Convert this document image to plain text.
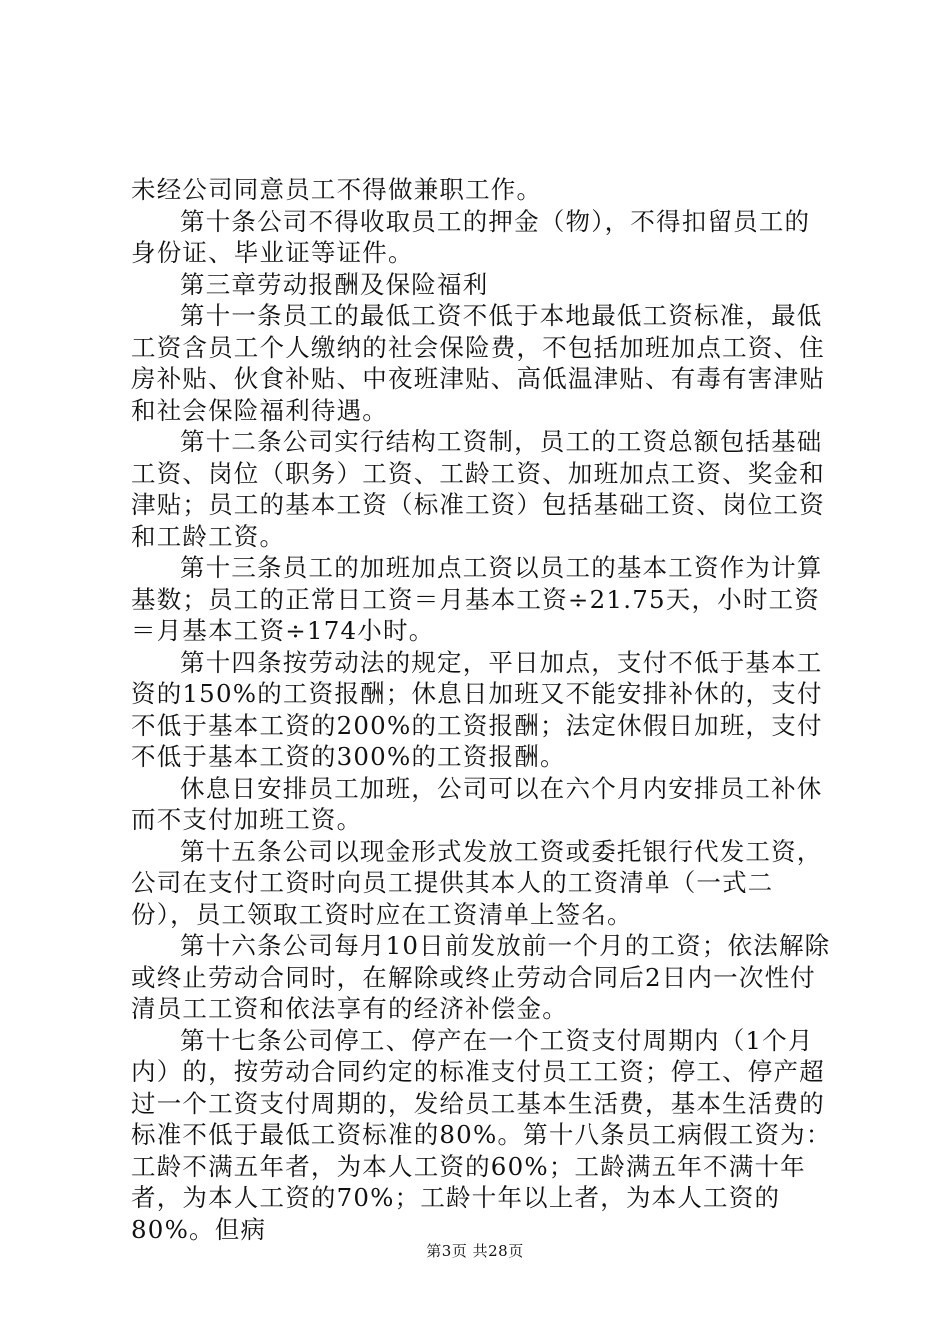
未经公司同意员工不得做兼职工作。

第十条公司不得收取员工的押金（物），不得扣留员工的身份证、毕业证等证件。

第三章劳动报酬及保险福利

第十一条员工的最低工资不低于本地最低工资标准，最低工资含员工个人缴纳的社会保险费，不包括加班加点工资、住房补贴、伙食补贴、中夜班津贴、高低温津贴、有毒有害津贴和社会保险福利待遇。

第十二条公司实行结构工资制，员工的工资总额包括基础工资、岗位（职务）工资、工龄工资、加班加点工资、奖金和津贴；员工的基本工资（标准工资）包括基础工资、岗位工资和工龄工资。

第十三条员工的加班加点工资以员工的基本工资作为计算基数；员工的正常日工资＝月基本工资÷21.75天，小时工资＝月基本工资÷174小时。

第十四条按劳动法的规定，平日加点，支付不低于基本工资的150%的工资报酬；休息日加班又不能安排补休的，支付不低于基本工资的200%的工资报酬；法定休假日加班，支付不低于基本工资的300%的工资报酬。

休息日安排员工加班，公司可以在六个月内安排员工补休而不支付加班工资。

第十五条公司以现金形式发放工资或委托银行代发工资，公司在支付工资时向员工提供其本人的工资清单（一式二份），员工领取工资时应在工资清单上签名。

第十六条公司每月10日前发放前一个月的工资；依法解除或终止劳动合同时，在解除或终止劳动合同后2日内一次性付清员工工资和依法享有的经济补偿金。

第十七条公司停工、停产在一个工资支付周期内（1个月内）的，按劳动合同约定的标准支付员工工资；停工、停产超过一个工资支付周期的，发给员工基本生活费，基本生活费的标准不低于最低工资标准的80%。第十八条员工病假工资为：工龄不满五年者，为本人工资的60%；工龄满五年不满十年者，为本人工资的70%；工龄十年以上者，为本人工资的80%。但病

第3页 共28页
